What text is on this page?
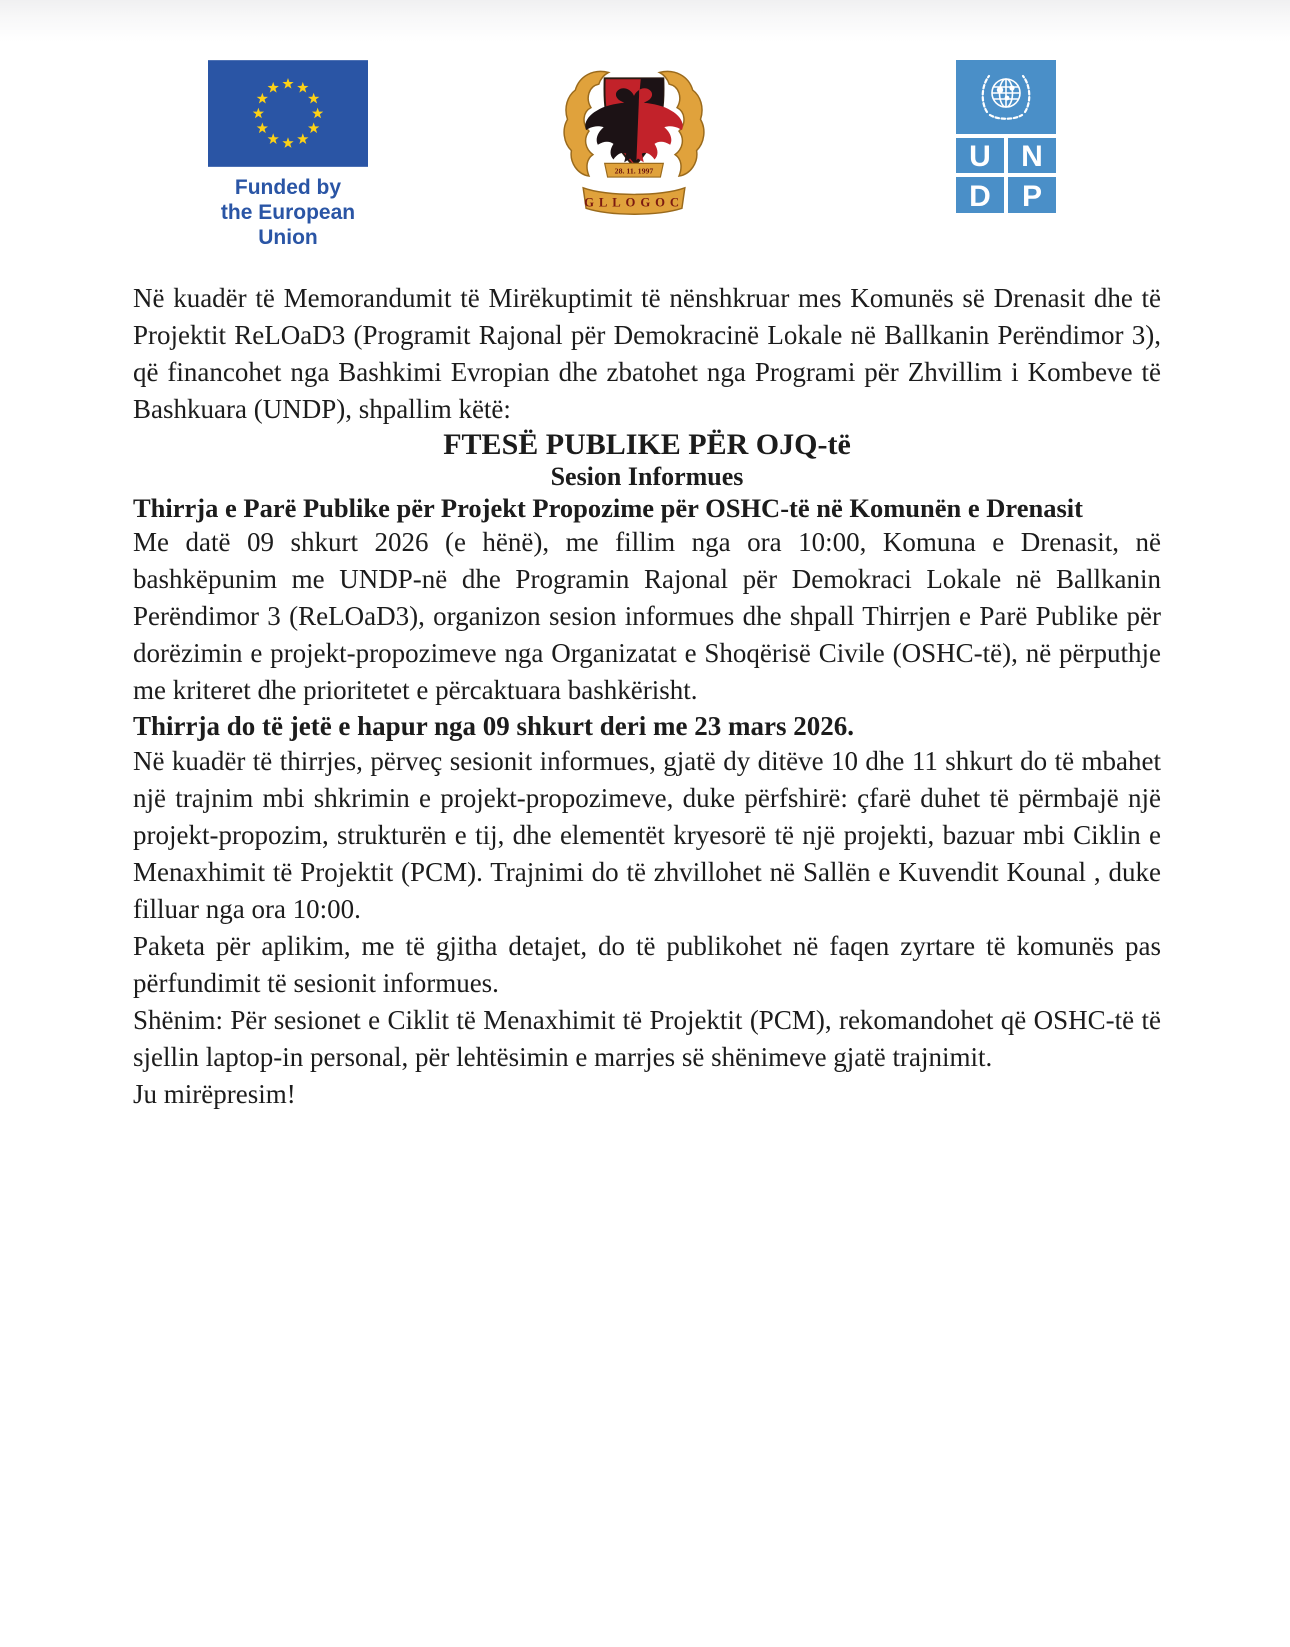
Funded by
the European Union
28. 11. 1997
GLLOGOC
U N
D P

Në kuadër të Memorandumit të Mirëkuptimit të nënshkruar mes Komunës së Drenasit dhe të Projektit ReLOaD3 (Programit Rajonal për Demokracinë Lokale në Ballkanin Perëndimor 3), që financohet nga Bashkimi Evropian dhe zbatohet nga Programi për Zhvillim i Kombeve të Bashkuara (UNDP), shpallim këtë:

FTESË PUBLIKE PËR OJQ-të

Sesion Informues

Thirrja e Parë Publike për Projekt Propozime për OSHC-të në Komunën e Drenasit

Me datë 09 shkurt 2026 (e hënë), me fillim nga ora 10:00, Komuna e Drenasit, në bashkëpunim me UNDP-në dhe Programin Rajonal për Demokraci Lokale në Ballkanin Perëndimor 3 (ReLOaD3), organizon sesion informues dhe shpall Thirrjen e Parë Publike për dorëzimin e projekt-propozimeve nga Organizatat e Shoqërisë Civile (OSHC-të), në përputhje me kriteret dhe prioritetet e përcaktuara bashkërisht.

Thirrja do të jetë e hapur nga 09 shkurt deri me 23 mars 2026.

Në kuadër të thirrjes, përveç sesionit informues, gjatë dy ditëve 10 dhe 11 shkurt do të mbahet një trajnim mbi shkrimin e projekt-propozimeve, duke përfshirë: çfarë duhet të përmbajë një projekt-propozim, strukturën e tij, dhe elementët kryesorë të një projekti, bazuar mbi Ciklin e Menaxhimit të Projektit (PCM). Trajnimi do të zhvillohet në Sallën e Kuvendit Kounal , duke filluar nga ora 10:00.

Paketa për aplikim, me të gjitha detajet, do të publikohet në faqen zyrtare të komunës pas përfundimit të sesionit informues.

Shënim: Për sesionet e Ciklit të Menaxhimit të Projektit (PCM), rekomandohet që OSHC-të të sjellin laptop-in personal, për lehtësimin e marrjes së shënimeve gjatë trajnimit.

Ju mirëpresim!
